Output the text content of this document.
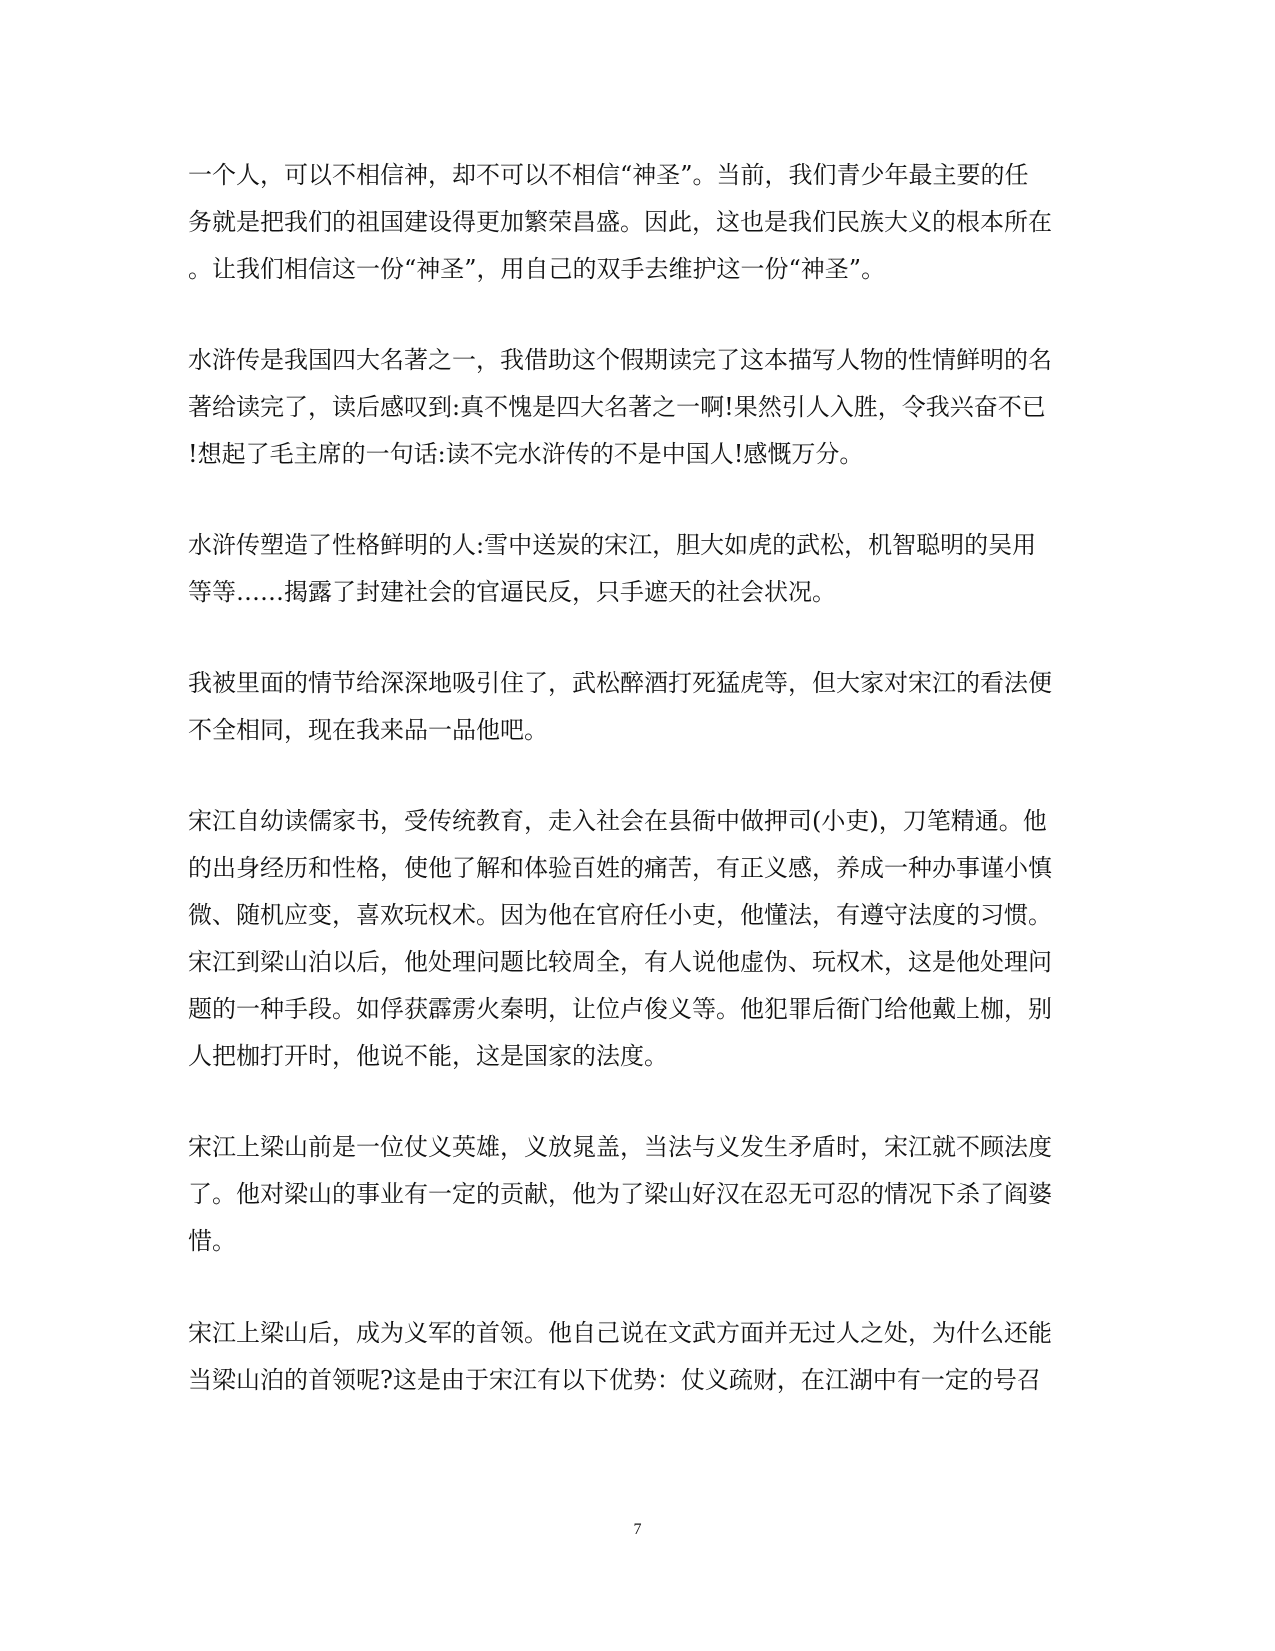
一个人，可以不相信神，却不可以不相信“神圣”。当前，我们青少年最主要的任
务就是把我们的祖国建设得更加繁荣昌盛。因此，这也是我们民族大义的根本所在
。让我们相信这一份“神圣”，用自己的双手去维护这一份“神圣”。
水浒传是我国四大名著之一，我借助这个假期读完了这本描写人物的性情鲜明的名
著给读完了，读后感叹到:真不愧是四大名著之一啊!果然引人入胜，令我兴奋不已
!想起了毛主席的一句话:读不完水浒传的不是中国人!感慨万分。
水浒传塑造了性格鲜明的人:雪中送炭的宋江，胆大如虎的武松，机智聪明的吴用
等等……揭露了封建社会的官逼民反，只手遮天的社会状况。
我被里面的情节给深深地吸引住了，武松醉酒打死猛虎等，但大家对宋江的看法便
不全相同，现在我来品一品他吧。
宋江自幼读儒家书，受传统教育，走入社会在县衙中做押司(小吏)，刀笔精通。他
的出身经历和性格，使他了解和体验百姓的痛苦，有正义感，养成一种办事谨小慎
微、随机应变，喜欢玩权术。因为他在官府任小吏，他懂法，有遵守法度的习惯。
宋江到梁山泊以后，他处理问题比较周全，有人说他虚伪、玩权术，这是他处理问
题的一种手段。如俘获霹雳火秦明，让位卢俊义等。他犯罪后衙门给他戴上枷，别
人把枷打开时，他说不能，这是国家的法度。
宋江上梁山前是一位仗义英雄，义放晁盖，当法与义发生矛盾时，宋江就不顾法度
了。他对梁山的事业有一定的贡献，他为了梁山好汉在忍无可忍的情况下杀了阎婆
惜。
宋江上梁山后，成为义军的首领。他自己说在文武方面并无过人之处，为什么还能
当梁山泊的首领呢?这是由于宋江有以下优势：仗义疏财，在江湖中有一定的号召
7
